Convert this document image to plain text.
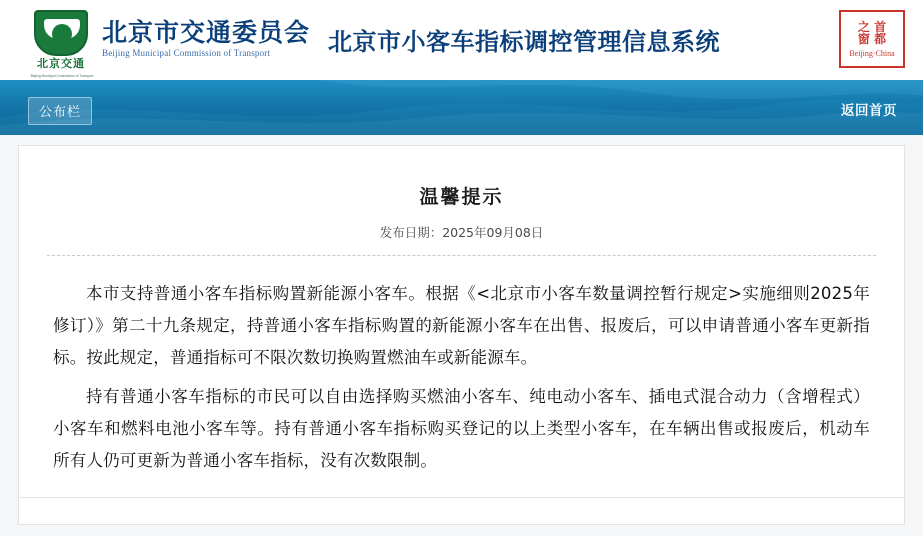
北京交通
Beijing Municipal Commission of Transport
北京市交通委员会
Beijing Municipal Commission of Transport	北京市小客车指标调控管理信息系统
之 首
窗 都
Beijing·China
公布栏	返回首页
温馨提示
发布日期：2025年09月08日

本市支持普通小客车指标购置新能源小客车。根据《<北京市小客车数量调控暂行规定>实施细则2025年修订）》第二十九条规定，持普通小客车指标购置的新能源小客车在出售、报废后，可以申请普通小客车更新指标。按此规定，普通指标可不限次数切换购置燃油车或新能源车。

持有普通小客车指标的市民可以自由选择购买燃油小客车、纯电动小客车、插电式混合动力（含增程式）小客车和燃料电池小客车等。持有普通小客车指标购买登记的以上类型小客车，在车辆出售或报废后，机动车所有人仍可更新为普通小客车指标，没有次数限制。
